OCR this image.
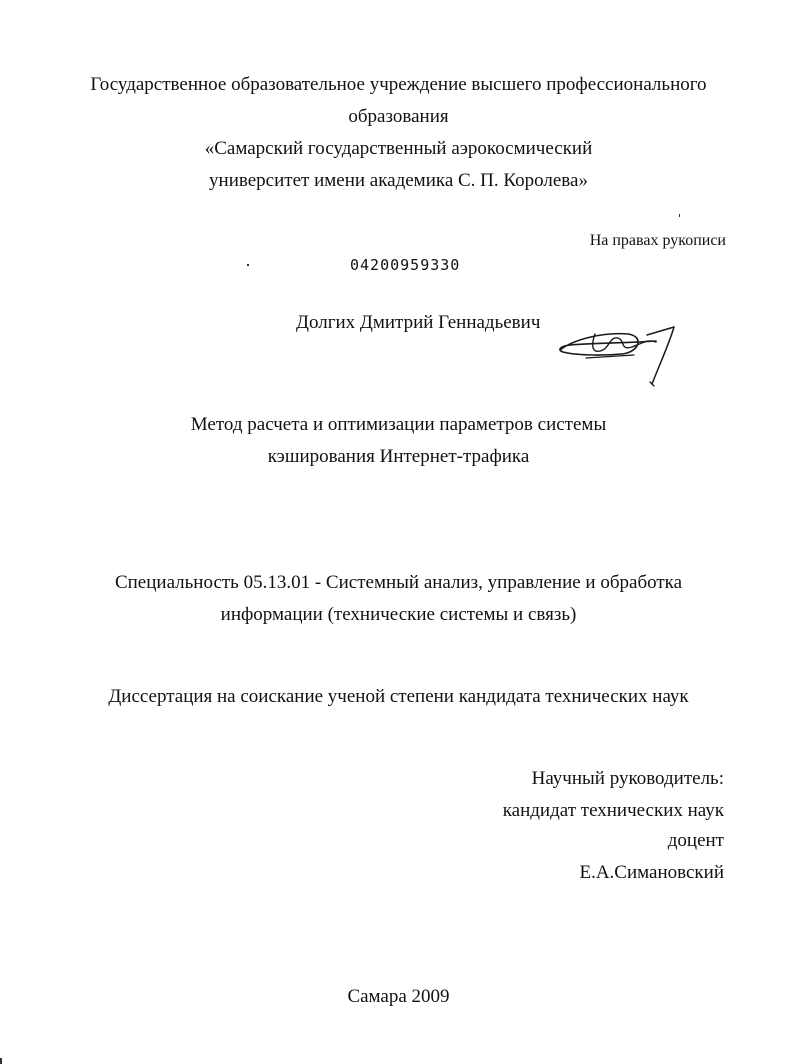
Государственное образовательное учреждение высшего профессионального
образования
«Самарский государственный аэрокосмический
университет имени академика С. П. Королева»
На правах рукописи
04200959330
Долгих Дмитрий Геннадьевич
Метод расчета и оптимизации параметров системы
кэширования Интернет-трафика
Специальность 05.13.01 - Системный анализ, управление и обработка
информации (технические системы и связь)
Диссертация на соискание ученой степени кандидата технических наук
Научный руководитель:
кандидат технических наук
доцент
Е.А.Симановский
Самара 2009
